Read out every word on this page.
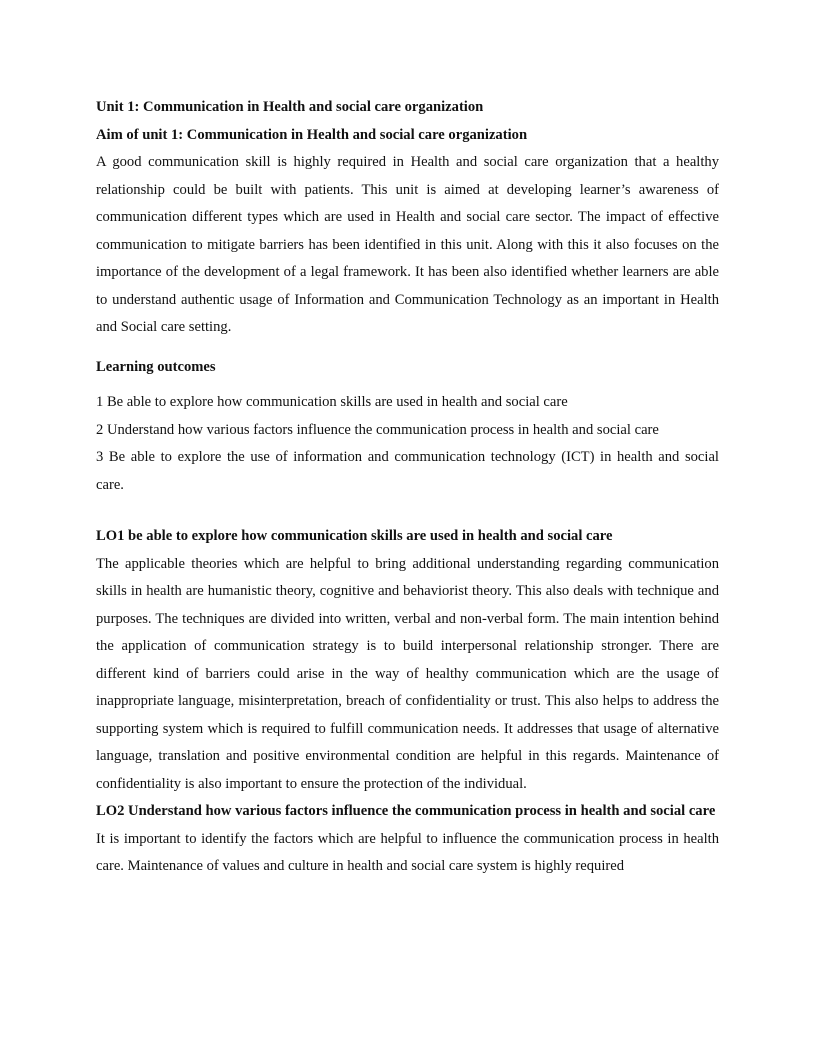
Unit 1: Communication in Health and social care organization
Aim of unit 1: Communication in Health and social care organization

A good communication skill is highly required in Health and social care organization that a healthy relationship could be built with patients. This unit is aimed at developing learner’s awareness of communication different types which are used in Health and social care sector. The impact of effective communication to mitigate barriers has been identified in this unit. Along with this it also focuses on the importance of the development of a legal framework. It has been also identified whether learners are able to understand authentic usage of Information and Communication Technology as an important in Health and Social care setting.

Learning outcomes

1 Be able to explore how communication skills are used in health and social care

2 Understand how various factors influence the communication process in health and social care

3 Be able to explore the use of information and communication technology (ICT) in health and social care.

LO1 be able to explore how communication skills are used in health and social care

The applicable theories which are helpful to bring additional understanding regarding communication skills in health are humanistic theory, cognitive and behaviorist theory. This also deals with technique and purposes. The techniques are divided into written, verbal and non-verbal form. The main intention behind the application of communication strategy is to build interpersonal relationship stronger. There are different kind of barriers could arise in the way of healthy communication which are the usage of inappropriate language, misinterpretation, breach of confidentiality or trust. This also helps to address the supporting system which is required to fulfill communication needs. It addresses that usage of alternative language, translation and positive environmental condition are helpful in this regards. Maintenance of confidentiality is also important to ensure the protection of the individual.

LO2 Understand how various factors influence the communication process in health and social care

It is important to identify the factors which are helpful to influence the communication process in health care. Maintenance of values and culture in health and social care system is highly required
